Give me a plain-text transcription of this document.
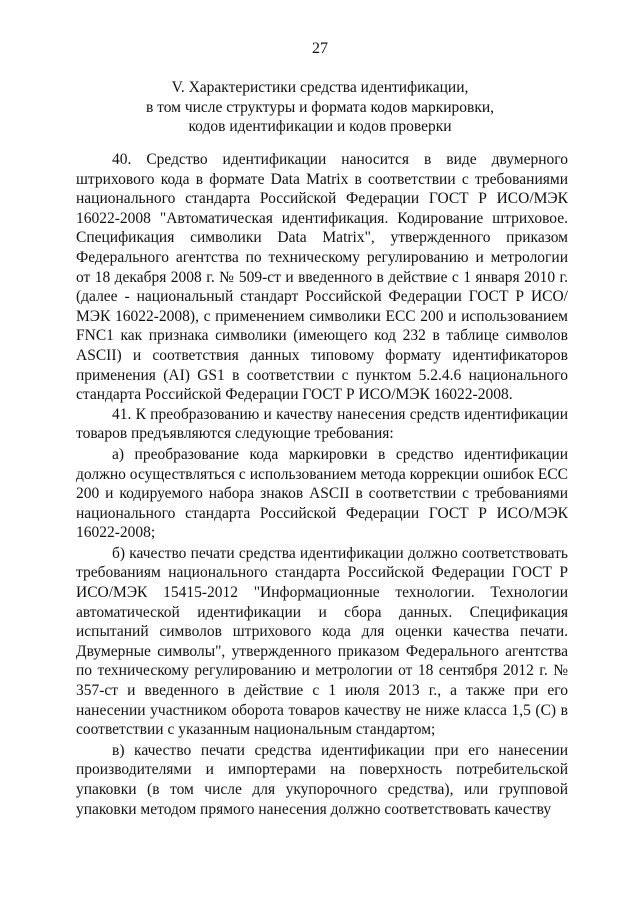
27
V. Характеристики средства идентификации,
в том числе структуры и формата кодов маркировки,
кодов идентификации и кодов проверки

40. Средство идентификации наносится в виде двумерного штрихового кода в формате Data Matrix в соответствии с требованиями национального стандарта Российской Федерации ГОСТ Р ИСО/МЭК 16022-2008 "Автоматическая идентификация. Кодирование штриховое. Спецификация символики Data Matrix", утвержденного приказом Федерального агентства по техническому регулированию и метрологии от 18 декабря 2008 г. № 509-ст и введенного в действие с 1 января 2010 г. (далее - национальный стандарт Российской Федерации ГОСТ Р ИСО/МЭК 16022-2008), с применением символики ECC 200 и использованием FNC1 как признака символики (имеющего код 232 в таблице символов ASCII) и соответствия данных типовому формату идентификаторов применения (AI) GS1 в соответствии с пунктом 5.2.4.6 национального стандарта Российской Федерации ГОСТ Р ИСО/МЭК 16022-2008.

41. К преобразованию и качеству нанесения средств идентификации товаров предъявляются следующие требования:

а) преобразование кода маркировки в средство идентификации должно осуществляться с использованием метода коррекции ошибок ECC 200 и кодируемого набора знаков ASCII в соответствии с требованиями национального стандарта Российской Федерации ГОСТ Р ИСО/МЭК 16022-2008;

б) качество печати средства идентификации должно соответствовать требованиям национального стандарта Российской Федерации ГОСТ Р ИСО/МЭК 15415-2012 "Информационные технологии. Технологии автоматической идентификации и сбора данных. Спецификация испытаний символов штрихового кода для оценки качества печати. Двумерные символы", утвержденного приказом Федерального агентства по техническому регулированию и метрологии от 18 сентября 2012 г. № 357-ст и введенного в действие с 1 июля 2013 г., а также при его нанесении участником оборота товаров качеству не ниже класса 1,5 (C) в соответствии с указанным национальным стандартом;

в) качество печати средства идентификации при его нанесении производителями и импортерами на поверхность потребительской упаковки (в том числе для укупорочного средства), или групповой упаковки методом прямого нанесения должно соответствовать качеству
